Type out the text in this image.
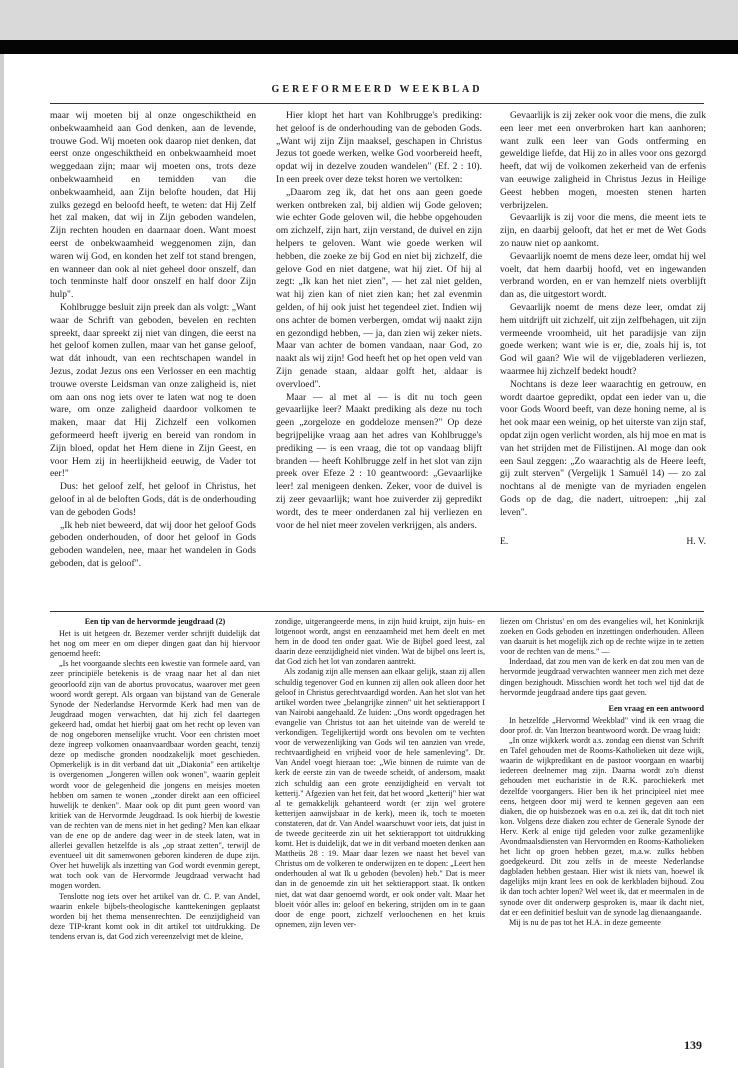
GEREFORMEERD WEEKBLAD

maar wij moeten bij al onze ongeschiktheid en onbekwaamheid aan God denken, aan de levende, trouwe God. Wij moeten ook daarop niet denken, dat eerst onze ongeschiktheid en onbekwaamheid moet weggedaan zijn; maar wij moeten ons, trots deze onbekwaamheid en temidden van die onbekwaamheid, aan Zijn belofte houden, dat Hij zulks gezegd en beloofd heeft, te weten: dat Hij Zelf het zal maken, dat wij in Zijn geboden wandelen, Zijn rechten houden en daarnaar doen. Want moest eerst de onbekwaamheid weggenomen zijn, dan waren wij God, en konden het zelf tot stand brengen, en wanneer dan ook al niet geheel door onszelf, dan toch tenminste half door onszelf en half door Zijn hulp".

Kohlbrugge besluit zijn preek dan als volgt: „Want waar de Schrift van geboden, bevelen en rechten spreekt, daar spreekt zij niet van dingen, die eerst na het geloof komen zullen, maar van het ganse geloof, wat dát inhoudt, van een rechtschapen wandel in Jezus, zodat Jezus ons een Verlosser en een machtig trouwe overste Leidsman van onze zaligheid is, niet om aan ons nog iets over te laten wat nog te doen ware, om onze zaligheid daardoor volkomen te maken, maar dat Hij Zichzelf een volkomen geformeerd heeft ijverig en bereid van rondom in Zijn bloed, opdat het Hem diene in Zijn Geest, en voor Hem zij in heerlijkheid eeuwig, de Vader tot eer!"

Dus: het geloof zelf, het geloof in Christus, het geloof in al de beloften Gods, dát is de onderhouding van de geboden Gods!

„Ik heb niet beweerd, dat wij door het geloof Gods geboden onderhouden, of door het geloof in Gods geboden wandelen, nee, maar het wandelen in Gods geboden, dat is geloof".

Hier klopt het hart van Kohlbrugge's prediking: het geloof is de onderhouding van de geboden Gods. „Want wij zijn Zijn maaksel, geschapen in Christus Jezus tot goede werken, welke God voorbereid heeft, opdat wij in dezelve zouden wandelen" (Ef. 2 : 10). In een preek over deze tekst horen we vertolken:

„Daarom zeg ik, dat het ons aan geen goede werken ontbreken zal, bij aldien wij Gode geloven; wie echter Gode geloven wil, die hebbe opgehouden om zichzelf, zijn hart, zijn verstand, de duivel en zijn helpers te geloven. Want wie goede werken wil hebben, die zoeke ze bij God en niet bij zichzelf, die gelove God en niet datgene, wat hij ziet. Of hij al zegt: „Ik kan het niet zien", — het zal niet gelden, wat hij zien kan of niet zien kan; het zal evenmin gelden, of hij ook juist het tegendeel ziet. Indien wij ons achter de bomen verbergen, omdat wij naakt zijn en gezondigd hebben, — ja, dan zien wij zeker niets. Maar van achter de bomen vandaan, naar God, zo naakt als wij zijn! God heeft het op het open veld van Zijn genade staan, aldaar golft het, aldaar is overvloed".

Maar — al met al — is dit nu toch geen gevaarlijke leer? Maakt prediking als deze nu toch geen „zorgeloze en goddeloze mensen?" Op deze begrijpelijke vraag aan het adres van Kohlbrugge's prediking — is een vraag, die tot op vandaag blijft branden — heeft Kohlbrugge zelf in het slot van zijn preek over Efeze 2 : 10 geantwoord: „Gevaarlijke leer! zal menigeen denken. Zeker, voor de duivel is zij zeer gevaarlijk; want hoe zuiverder zij gepredikt wordt, des te meer onderdanen zal hij verliezen en voor de hel niet meer zovelen verkrijgen, als anders.

Gevaarlijk is zij zeker ook voor die mens, die zulk een leer met een onverbroken hart kan aanhoren; want zulk een leer van Gods ontferming en geweldige liefde, dat Hij zo in alles voor ons gezorgd heeft, dat wij de volkomen zekerheid van de erfenis van eeuwige zaligheid in Christus Jezus in Heilige Geest hebben mogen, moesten stenen harten verbrijzelen.

Gevaarlijk is zij voor die mens, die meent iets te zijn, en daarbij gelooft, dat het er met de Wet Gods zo nauw niet op aankomt.

Gevaarlijk noemt de mens deze leer, omdat hij wel voelt, dat hem daarbij hoofd, vet en ingewanden verbrand worden, en er van hemzelf niets overblijft dan as, die uitgestort wordt.

Gevaarlijk noemt de mens deze leer, omdat zij hem uitdrijft uit zichzelf, uit zijn zelfbehagen, uit zijn vermeende vroomheid, uit het paradijsje van zijn goede werken; want wie is er, die, zoals hij is, tot God wil gaan? Wie wil de vijgebladeren verliezen, waarmee hij zichzelf bedekt houdt?

Nochtans is deze leer waarachtig en getrouw, en wordt daartoe gepredikt, opdat een ieder van u, die voor Gods Woord beeft, van deze honing neme, al is het ook maar een weinig, op het uiterste van zijn staf, opdat zijn ogen verlicht worden, als hij moe en mat is van het strijden met de Filistijnen. Al moge dan ook een Saul zeggen: „Zo waarachtig als de Heere leeft, gij zult sterven" (Vergelijk 1 Samuël 14) — zo zal nochtans al de menigte van de myriaden engelen Gods op de dag, die nadert, uitroepen: „hij zal leven".

E.	H. V.

Een tip van de hervormde jeugdraad (2)

Het is uit hetgeen dr. Bezemer verder schrijft duidelijk dat het nog om meer en om dieper dingen gaat dan hij hiervoor genoemd heeft:

„Is het voorgaande slechts een kwestie van formele aard, van zeer principiële betekenis is de vraag naar het al dan niet geoorloofd zijn van de abortus provocatus, waarover met geen woord wordt gerept. Als orgaan van bijstand van de Generale Synode der Nederlandse Hervormde Kerk had men van de Jeugdraad mogen verwachten, dat hij zich fel daartegen gekeerd had, omdat het hierbij gaat om het recht op leven van de nog ongeboren menselijke vrucht. Voor een christen moet deze ingreep volkomen onaanvaardbaar worden geacht, tenzij deze op medische gronden noodzakelijk moet geschieden. Opmerkelijk is in dit verband dat uit „Diakonia" een artikeltje is overgenomen „Jongeren willen ook wonen", waarin gepleit wordt voor de gelegenheid die jongens en meisjes moeten hebben om samen te wonen „zonder direkt aan een officieel huwelijk te denken". Maar ook op dit punt geen woord van kritiek van de Hervormde Jeugdraad. Is ook hierbij de kwestie van de rechten van de mens niet in het geding? Men kan elkaar van de ene op de andere dag weer in de steek laten, wat in allerlei gevallen hetzelfde is als „op straat zetten", terwijl de eventueel uit dit samenwonen geboren kinderen de dupe zijn. Over het huwelijk als inzetting van God wordt evenmin gerept, wat toch ook van de Hervormde Jeugdraad verwacht had mogen worden.

Tenslotte nog iets over het artikel van dr. C. P. van Andel, waarin enkele bijbels-theologische kanttekeningen geplaatst worden bij het thema mensenrechten. De eenzijdigheid van deze TIP-krant komt ook in dit artikel tot uitdrukking. De tendens ervan is, dat God zich vereenzelvigt met de kleine,

zondige, uitgerangeerde mens, in zijn huid kruipt, zijn huis- en lotgenoot wordt, angst en eenzaamheid met hem deelt en met hem in de dood ten onder gaat. Wie de Bijbel goed leest, zal daarin deze eenzijdigheid niet vinden. Wat de bijbel ons leert is, dat God zich het lot van zondaren aantrekt.

Als zodanig zijn alle mensen aan elkaar gelijk, staan zij allen schuldig tegenover God en kunnen zij allen ook alleen door het geloof in Christus gerechtvaardigd worden. Aan het slot van het artikel worden twee „belangrijke zinnen" uit het sektierapport I van Nairobi aangehaald. Ze luiden: „Ons wordt opgedragen het evangelie van Christus tot aan het uiteinde van de wereld te verkondigen. Tegelijkertijd wordt ons bevolen om te vechten voor de verwezenlijking van Gods wil ten aanzien van vrede, rechtvaardigheid en vrijheid voor de hele samenleving". Dr. Van Andel voegt hieraan toe: „Wie binnen de ruimte van de kerk de eerste zin van de tweede scheidt, of andersom, maakt zich schuldig aan een grote eenzijdigheid en vervalt tot ketterij." Afgezien van het feit, dat het woord „ketterij" hier wat al te gemakkelijk gehanteerd wordt (er zijn wel grotere ketterijen aanwijsbaar in de kerk), meen ik, toch te moeten constateren, dat dr. Van Andel waarschuwt voor iets, dat juist in de tweede geciteerde zin uit het sektierapport tot uitdrukking komt. Het is duidelijk, dat we in dit verband moeten denken aan Mattheüs 28 : 19. Maar daar lezen we naast het bevel van Christus om de volkeren te onderwijzen en te dopen: „Leert hen onderhouden al wat Ik u geboden (bevolen) heb." Dat is meer dan in de genoemde zin uit het sektierapport staat. Ik ontken niet, dat wat daar genoemd wordt, er ook onder valt. Maar het bloeit vóór alles in: geloof en bekering, strijden om in te gaan door de enge poort, zichzelf verloochenen en het kruis opnemen, zijn leven ver-

liezen om Christus' en om des evangelies wil, het Koninkrijk zoeken en Gods geboden en inzettingen onderhouden. Alleen van daaruit is het mogelijk zich op de rechte wijze in te zetten voor de rechten van de mens." —

Inderdaad, dat zou men van de kerk en dat zou men van de hervormde jeugdraad verwachten wanneer men zich met deze dingen bezighoudt. Misschien wordt het toch wel tijd dat de hervormde jeugdraad andere tips gaat geven.

Een vraag en een antwoord

In hetzelfde „Hervormd Weekblad" vind ik een vraag die door prof. dr. Van Itterzon beantwoord wordt. De vraag luidt:

„In onze wijkkerk wordt a.s. zondag een dienst van Schrift en Tafel gehouden met de Rooms-Katholieken uit deze wijk, waarin de wijkpredikant en de pastoor voorgaan en waarbij iedereen deelnemer mag zijn. Daarna wordt zo'n dienst gehouden met eucharistie in de R.K. parochiekerk met dezelfde voorgangers. Hier ben ik het principieel niet mee eens, hetgeen door mij werd te kennen gegeven aan een diaken, die op huisbezoek was en o.a. zei ik, dat dit toch niet kon. Volgens deze diaken zou echter de Generale Synode der Herv. Kerk al enige tijd geleden voor zulke gezamenlijke Avondmaalsdiensten van Hervormden en Rooms-Katholieken het licht op groen hebben gezet, m.a.w. zulks hebben goedgekeurd. Dit zou zelfs in de meeste Nederlandse dagbladen hebben gestaan. Hier wist ik niets van, hoewel ik dagelijks mijn krant lees en ook de kerkbladen bijhoud. Zou ik dan toch achter lopen? Wel weet ik, dat er meermalen in de synode over dit onderwerp gesproken is, maar ik dacht niet, dat er een definitief besluit van de synode lag dienaangaande.

Mij is nu de pas tot het H.A. in deze gemeente

139
